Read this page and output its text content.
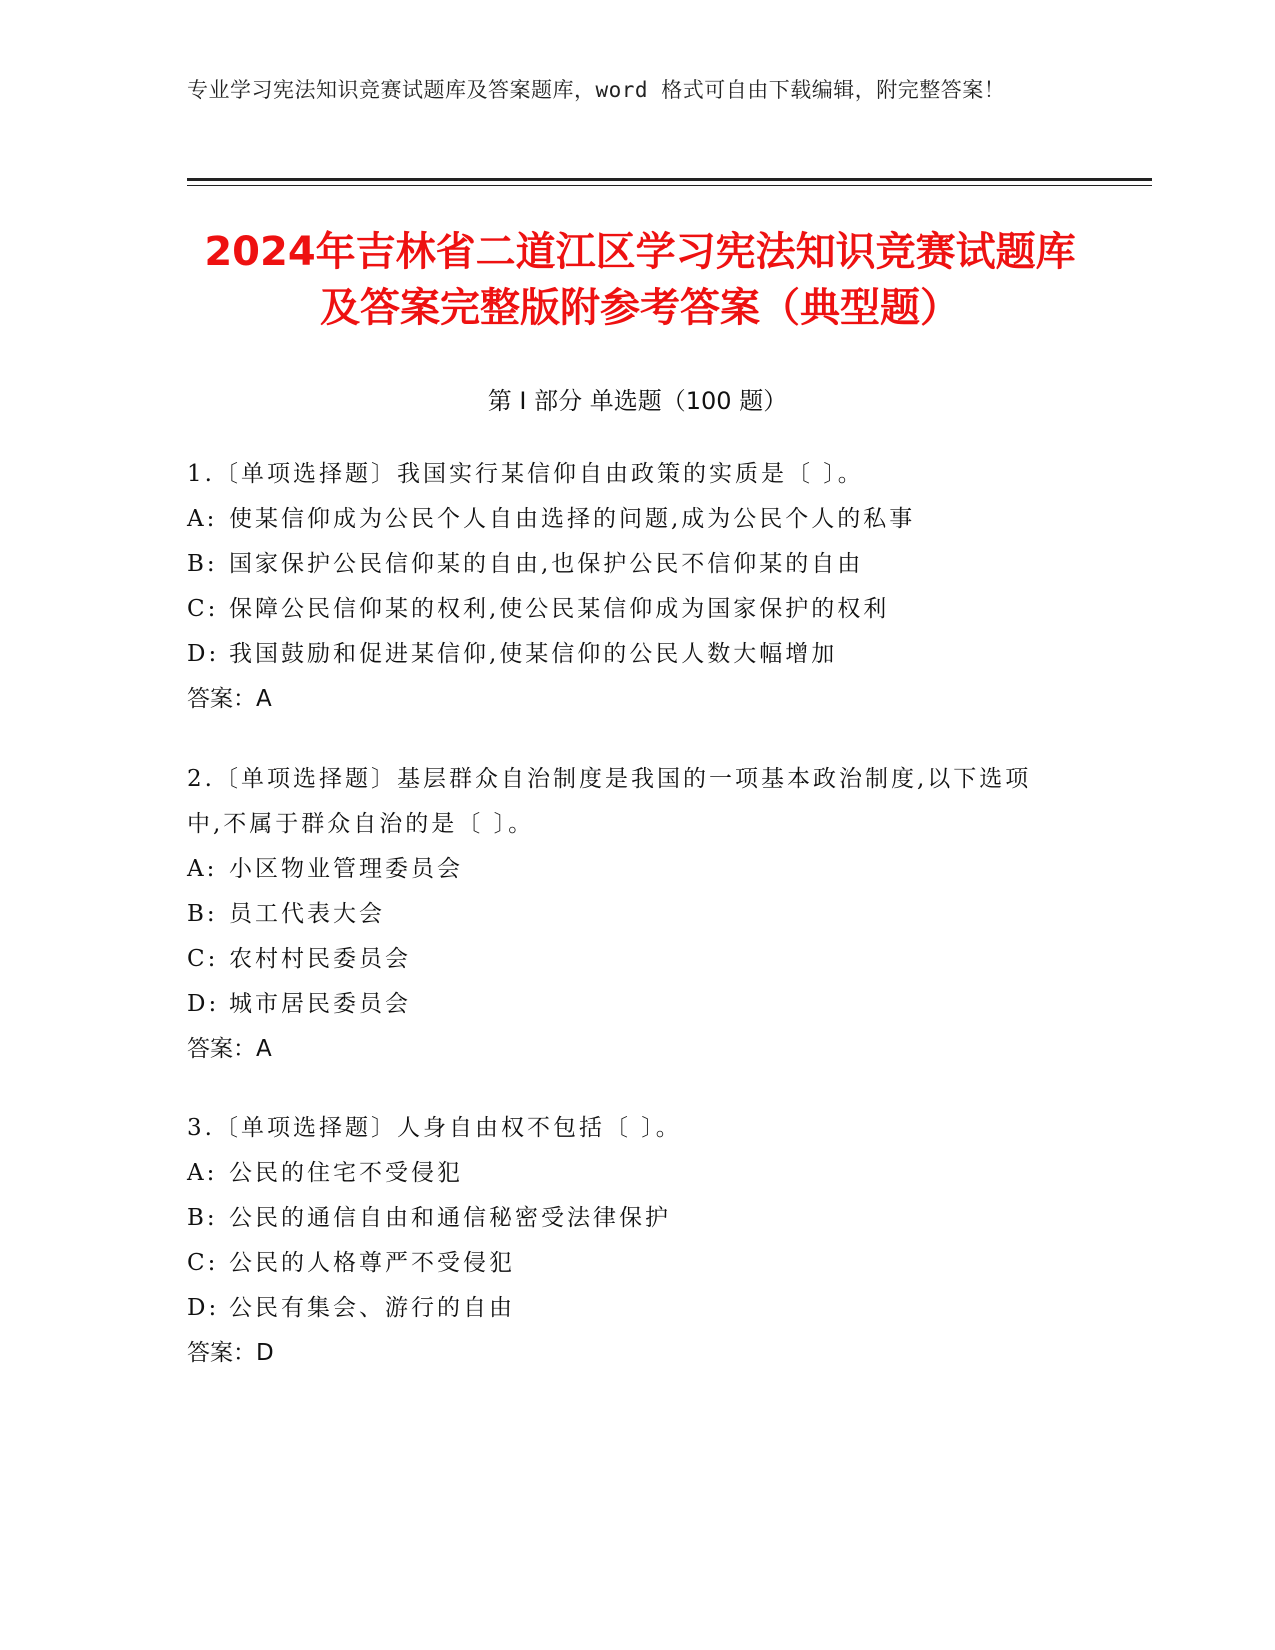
专业学习宪法知识竞赛试题库及答案题库，word 格式可自由下载编辑，附完整答案！
2024年吉林省二道江区学习宪法知识竞赛试题库及答案完整版附参考答案（典型题）
第 I 部分 单选题（100 题）

1.〔单项选择题〕我国实行某信仰自由政策的实质是〔 〕。

A: 使某信仰成为公民个人自由选择的问题,成为公民个人的私事

B: 国家保护公民信仰某的自由,也保护公民不信仰某的自由

C: 保障公民信仰某的权利,使公民某信仰成为国家保护的权利

D: 我国鼓励和促进某信仰,使某信仰的公民人数大幅增加

答案：A

2.〔单项选择题〕基层群众自治制度是我国的一项基本政治制度,以下选项中,不属于群众自治的是〔 〕。

A: 小区物业管理委员会

B: 员工代表大会

C: 农村村民委员会

D: 城市居民委员会

答案：A

3.〔单项选择题〕人身自由权不包括〔 〕。

A: 公民的住宅不受侵犯

B: 公民的通信自由和通信秘密受法律保护

C: 公民的人格尊严不受侵犯

D: 公民有集会、游行的自由

答案：D
